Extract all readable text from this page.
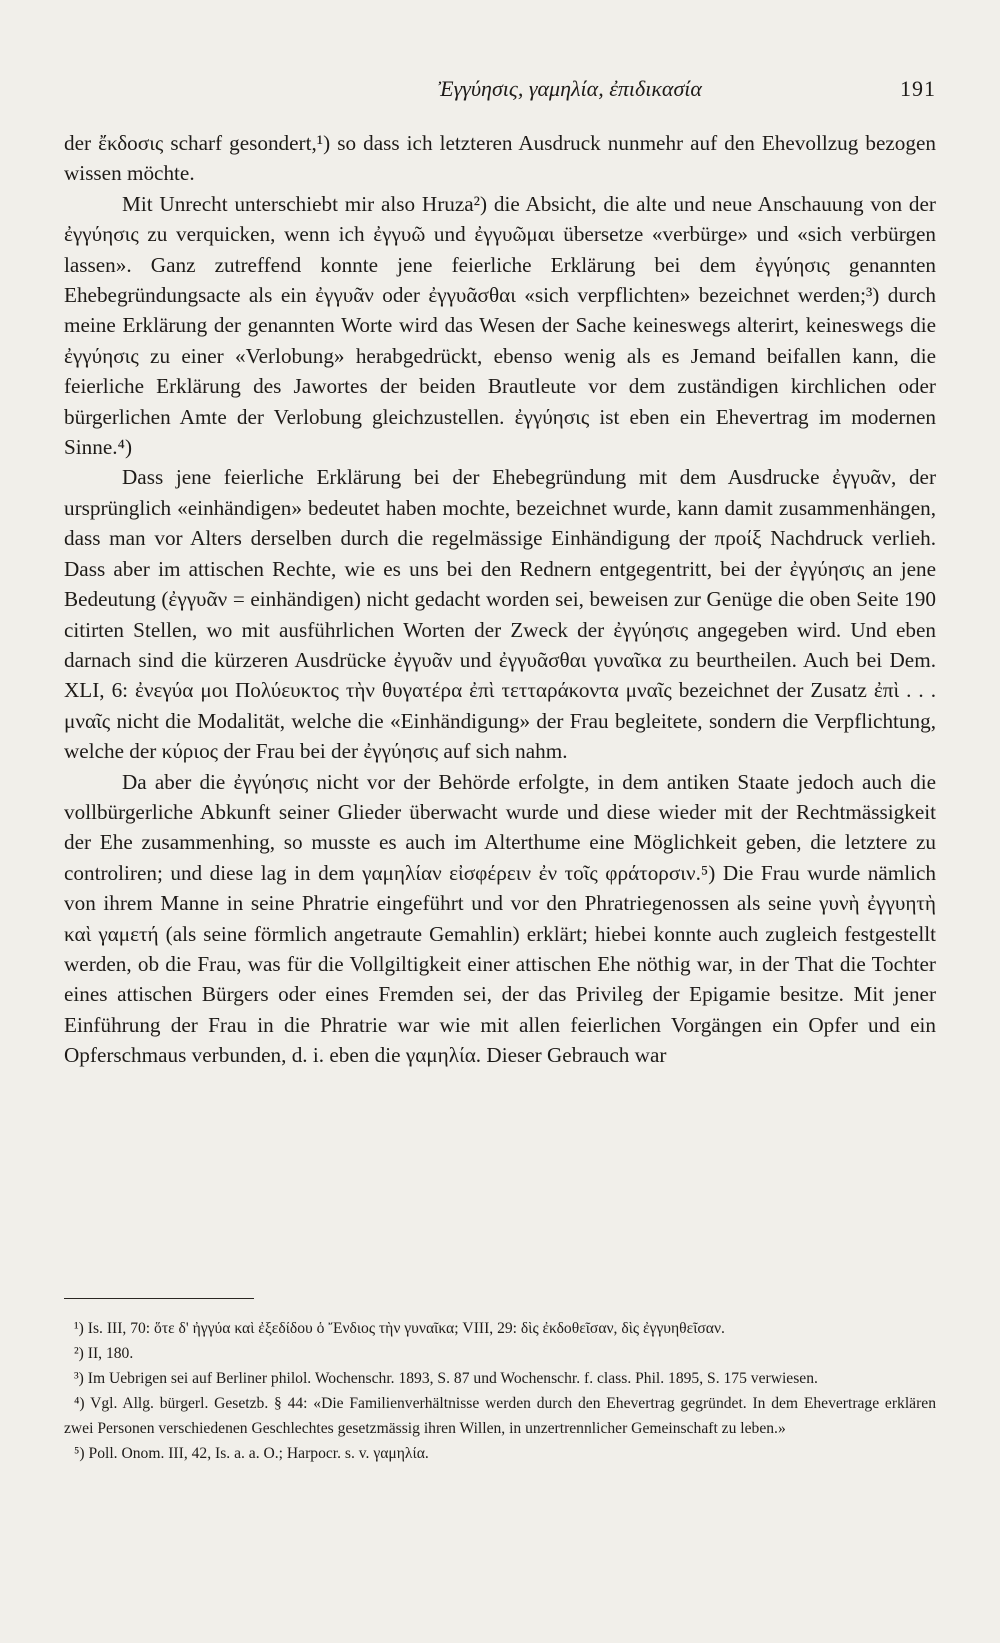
Ἐγγύησις, γαμηλία, ἐπιδικασία	191

der ἔκδοσις scharf gesondert,¹) so dass ich letzteren Ausdruck nunmehr auf den Ehevollzug bezogen wissen möchte.

Mit Unrecht unterschiebt mir also Hruza²) die Absicht, die alte und neue Anschauung von der ἐγγύησις zu verquicken, wenn ich ἐγγυῶ und ἐγγυῶμαι übersetze «verbürge» und «sich verbürgen lassen». Ganz zutreffend konnte jene feierliche Erklärung bei dem ἐγγύησις genannten Ehebegründungsacte als ein ἐγγυᾶν oder ἐγγυᾶσθαι «sich verpflichten» bezeichnet werden;³) durch meine Erklärung der genannten Worte wird das Wesen der Sache keineswegs alterirt, keineswegs die ἐγγύησις zu einer «Verlobung» herabgedrückt, ebenso wenig als es Jemand beifallen kann, die feierliche Erklärung des Jawortes der beiden Brautleute vor dem zuständigen kirchlichen oder bürgerlichen Amte der Verlobung gleichzustellen. ἐγγύησις ist eben ein Ehevertrag im modernen Sinne.⁴)

Dass jene feierliche Erklärung bei der Ehebegründung mit dem Ausdrucke ἐγγυᾶν, der ursprünglich «einhändigen» bedeutet haben mochte, bezeichnet wurde, kann damit zusammenhängen, dass man vor Alters derselben durch die regelmässige Einhändigung der προίξ Nachdruck verlieh. Dass aber im attischen Rechte, wie es uns bei den Rednern entgegentritt, bei der ἐγγύησις an jene Bedeutung (ἐγγυᾶν = einhändigen) nicht gedacht worden sei, beweisen zur Genüge die oben Seite 190 citirten Stellen, wo mit ausführlichen Worten der Zweck der ἐγγύησις angegeben wird. Und eben darnach sind die kürzeren Ausdrücke ἐγγυᾶν und ἐγγυᾶσθαι γυναῖκα zu beurtheilen. Auch bei Dem. XLI, 6: ἐνεγύα μοι Πολύευκτος τὴν θυγατέρα ἐπὶ τετταράκοντα μναῖς bezeichnet der Zusatz ἐπὶ . . . μναῖς nicht die Modalität, welche die «Einhändigung» der Frau begleitete, sondern die Verpflichtung, welche der κύριος der Frau bei der ἐγγύησις auf sich nahm.

Da aber die ἐγγύησις nicht vor der Behörde erfolgte, in dem antiken Staate jedoch auch die vollbürgerliche Abkunft seiner Glieder überwacht wurde und diese wieder mit der Rechtmässigkeit der Ehe zusammenhing, so musste es auch im Alterthume eine Möglichkeit geben, die letztere zu controliren; und diese lag in dem γαμηλίαν εἰσφέρειν ἐν τοῖς φράτορσιν.⁵) Die Frau wurde nämlich von ihrem Manne in seine Phratrie eingeführt und vor den Phratriegenossen als seine γυνὴ ἐγγυητὴ καὶ γαμετή (als seine förmlich angetraute Gemahlin) erklärt; hiebei konnte auch zugleich festgestellt werden, ob die Frau, was für die Vollgiltigkeit einer attischen Ehe nöthig war, in der That die Tochter eines attischen Bürgers oder eines Fremden sei, der das Privileg der Epigamie besitze. Mit jener Einführung der Frau in die Phratrie war wie mit allen feierlichen Vorgängen ein Opfer und ein Opferschmaus verbunden, d. i. eben die γαμηλία. Dieser Gebrauch war

¹) Is. III, 70: ὅτε δ' ἠγγύα καὶ ἐξεδίδου ὁ Ἔνδιος τὴν γυναῖκα; VIII, 29: δὶς ἐκδοθεῖσαν, δὶς ἐγγυηθεῖσαν.

²) II, 180.

³) Im Uebrigen sei auf Berliner philol. Wochenschr. 1893, S. 87 und Wochenschr. f. class. Phil. 1895, S. 175 verwiesen.

⁴) Vgl. Allg. bürgerl. Gesetzb. § 44: «Die Familienverhältnisse werden durch den Ehevertrag gegründet. In dem Ehevertrage erklären zwei Personen verschiedenen Geschlechtes gesetzmässig ihren Willen, in unzertrennlicher Gemeinschaft zu leben.»

⁵) Poll. Onom. III, 42, Is. a. a. O.; Harpocr. s. v. γαμηλία.
